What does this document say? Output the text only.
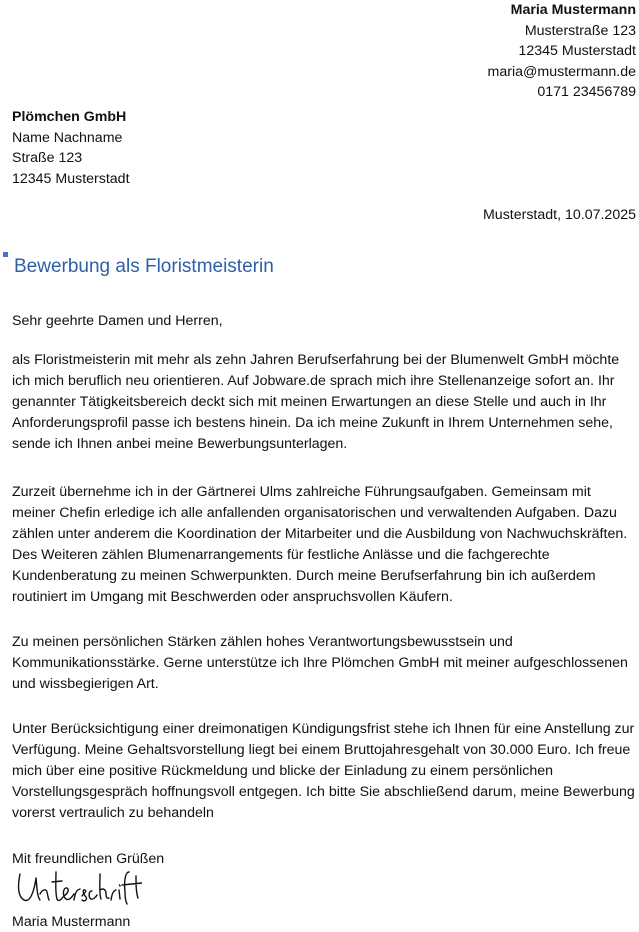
Maria Mustermann
Musterstraße 123
12345 Musterstadt
maria@mustermann.de
0171 23456789
Plömchen GmbH
Name Nachname
Straße 123
12345 Musterstadt
Musterstadt, 10.07.2025
Bewerbung als Floristmeisterin
Sehr geehrte Damen und Herren,

als Floristmeisterin mit mehr als zehn Jahren Berufserfahrung bei der Blumenwelt GmbH möchte ich mich beruflich neu orientieren. Auf Jobware.de sprach mich ihre Stellenanzeige sofort an. Ihr genannter Tätigkeitsbereich deckt sich mit meinen Erwartungen an diese Stelle und auch in Ihr Anforderungsprofil passe ich bestens hinein. Da ich meine Zukunft in Ihrem Unternehmen sehe, sende ich Ihnen anbei meine Bewerbungsunterlagen.

Zurzeit übernehme ich in der Gärtnerei Ulms zahlreiche Führungsaufgaben. Gemeinsam mit meiner Chefin erledige ich alle anfallenden organisatorischen und verwaltenden Aufgaben. Dazu zählen unter anderem die Koordination der Mitarbeiter und die Ausbildung von Nachwuchskräften. Des Weiteren zählen Blumenarrangements für festliche Anlässe und die fachgerechte Kundenberatung zu meinen Schwerpunkten. Durch meine Berufserfahrung bin ich außerdem routiniert im Umgang mit Beschwerden oder anspruchsvollen Käufern.

Zu meinen persönlichen Stärken zählen hohes Verantwortungsbewusstsein und Kommunikationsstärke. Gerne unterstütze ich Ihre Plömchen GmbH mit meiner aufgeschlossenen und wissbegierigen Art.

Unter Berücksichtigung einer dreimonatigen Kündigungsfrist stehe ich Ihnen für eine Anstellung zur Verfügung. Meine Gehaltsvorstellung liegt bei einem Bruttojahresgehalt von 30.000 Euro. Ich freue mich über eine positive Rückmeldung und blicke der Einladung zu einem persönlichen Vorstellungsgespräch hoffnungsvoll entgegen. Ich bitte Sie abschließend darum, meine Bewerbung vorerst vertraulich zu behandeln

Mit freundlichen Grüßen
Maria Mustermann
